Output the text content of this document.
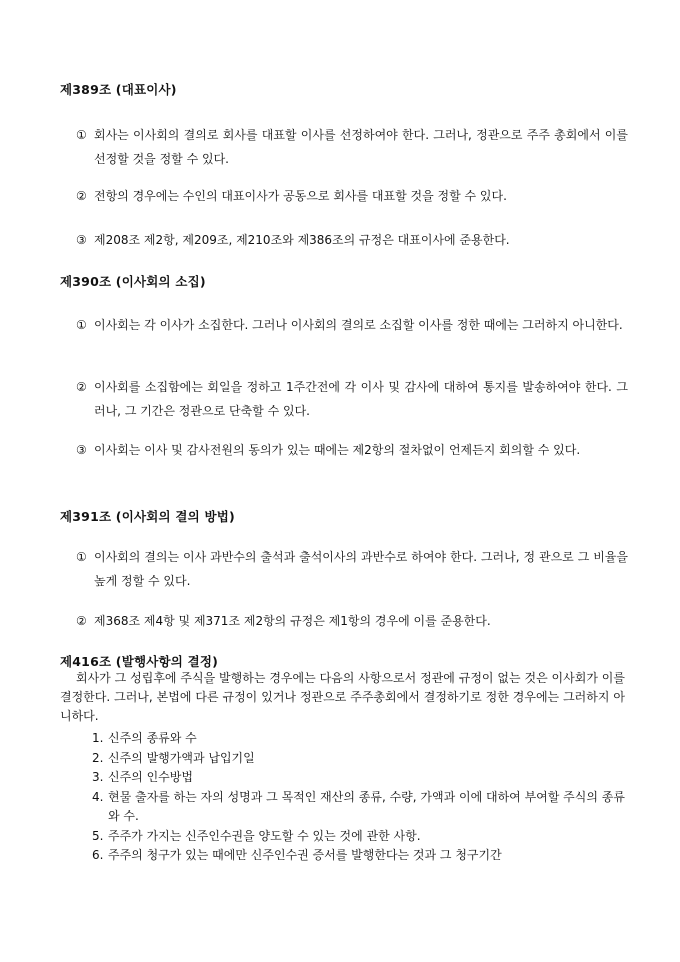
제389조 (대표이사)
① 회사는 이사회의 결의로 회사를 대표할 이사를 선정하여야 한다. 그러나, 정관으로 주주 총회에서 이를 선정할 것을 정할 수 있다.
② 전항의 경우에는 수인의 대표이사가 공동으로 회사를 대표할 것을 정할 수 있다.
③ 제208조 제2항, 제209조, 제210조와 제386조의 규정은 대표이사에 준용한다.
제390조 (이사회의 소집)
① 이사회는 각 이사가 소집한다. 그러나 이사회의 결의로 소집할 이사를 정한 때에는 그러하지 아니한다.
② 이사회를 소집함에는 회일을 정하고 1주간전에 각 이사 및 감사에 대하여 통지를 발송하여야 한다. 그러나, 그 기간은 정관으로 단축할 수 있다.
③ 이사회는 이사 및 감사전원의 동의가 있는 때에는 제2항의 절차없이 언제든지 회의할 수 있다.
제391조 (이사회의 결의 방법)
① 이사회의 결의는 이사 과반수의 출석과 출석이사의 과반수로 하여야 한다. 그러나, 정 관으로 그 비율을 높게 정할 수 있다.
② 제368조 제4항 및 제371조 제2항의 규정은 제1항의 경우에 이를 준용한다.
제416조 (발행사항의 결정)
회사가 그 성립후에 주식을 발행하는 경우에는 다음의 사항으로서 정관에 규정이 없는 것은 이사회가 이를 결정한다. 그러나, 본법에 다른 규정이 있거나 정관으로 주주총회에서 결정하기로 정한 경우에는 그러하지 아니하다.
1. 신주의 종류와 수
2. 신주의 발행가액과 납입기일
3. 신주의 인수방법
4. 현물 출자를 하는 자의 성명과 그 목적인 재산의 종류, 수량, 가액과 이에 대하여 부여할 주식의 종류와 수.
5. 주주가 가지는 신주인수권을 양도할 수 있는 것에 관한 사항.
6. 주주의 청구가 있는 때에만 신주인수권 증서를 발행한다는 것과 그 청구기간
